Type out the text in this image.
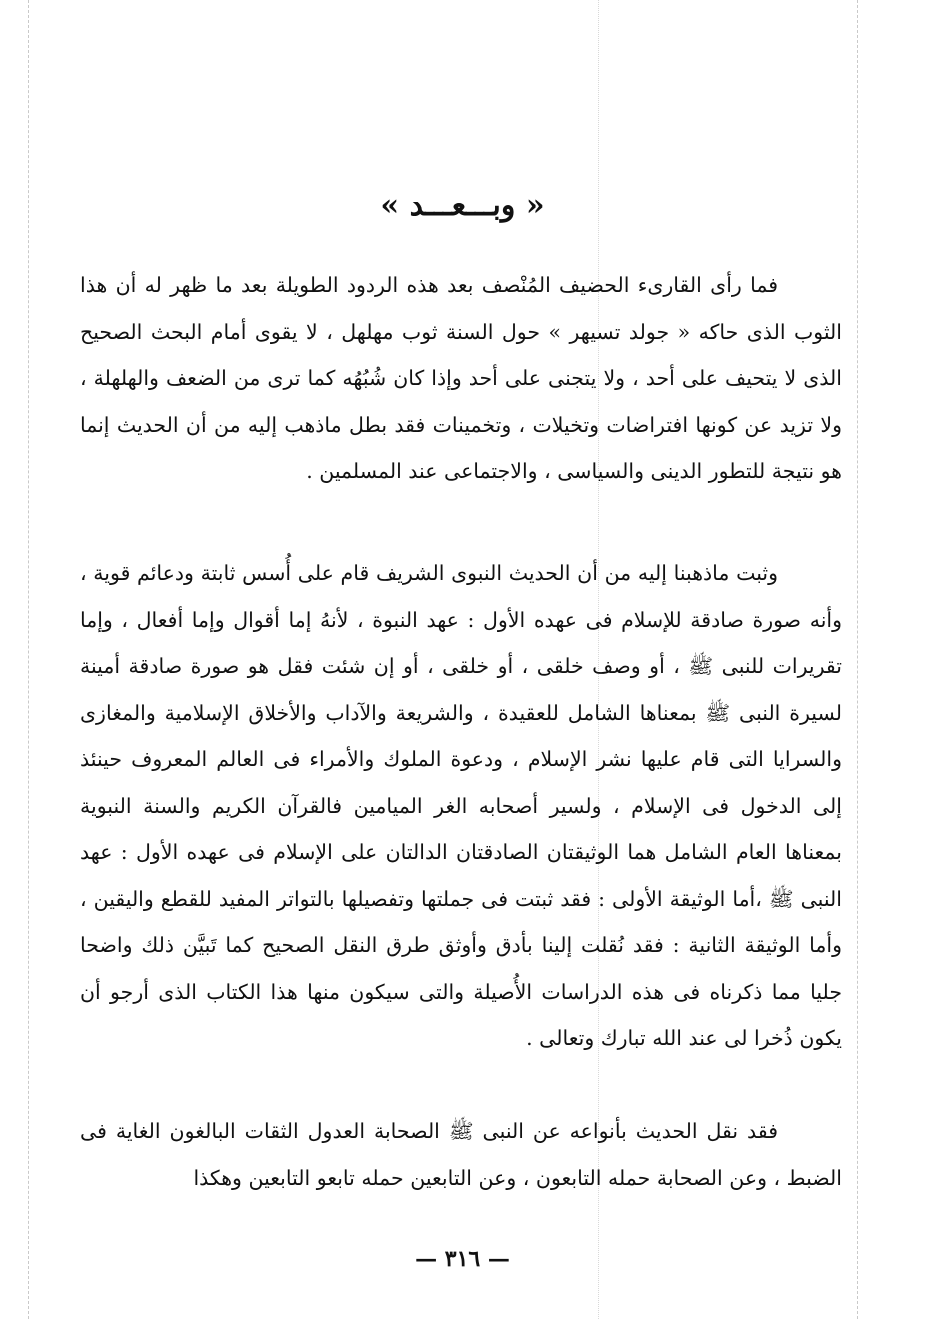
« وبـــعـــد »

فما رأى القارىء الحضيف المُنْصف بعد هذه الردود الطويلة بعد ما ظهر له أن هذا الثوب الذى حاكه « جولد تسيهر » حول السنة ثوب مهلهل ، لا يقوى أمام البحث الصحيح الذى لا يتحيف على أحد ، ولا يتجنى على أحد وإذا كان شُبُهُه كما ترى من الضعف والهلهلة ، ولا تزيد عن كونها افتراضات وتخيلات ، وتخمينات فقد بطل ماذهب إليه من أن الحديث إنما هو نتيجة للتطور الدينى والسياسى ، والاجتماعى عند المسلمين .

وثبت ماذهبنا إليه من أن الحديث النبوى الشريف قام على أُسس ثابتة ودعائم قوية ، وأنه صورة صادقة للإسلام فى عهده الأول : عهد النبوة ، لأنهُ إما أقوال وإما أفعال ، وإما تقريرات للنبى ﷺ ، أو وصف خلقى ، أو خلقى ، أو إن شئت فقل هو صورة صادقة أمينة لسيرة النبى ﷺ بمعناها الشامل للعقيدة ، والشريعة والآداب والأخلاق الإسلامية والمغازى والسرايا التى قام عليها نشر الإسلام ، ودعوة الملوك والأمراء فى العالم المعروف حينئذ إلى الدخول فى الإسلام ، ولسير أصحابه الغر الميامين فالقرآن الكريم والسنة النبوية بمعناها العام الشامل هما الوثيقتان الصادقتان الدالتان على الإسلام فى عهده الأول : عهد النبى ﷺ ،أما الوثيقة الأولى : فقد ثبتت فى جملتها وتفصيلها بالتواتر المفيد للقطع واليقين ، وأما الوثيقة الثانية : فقد نُقلت إلينا بأدق وأوثق طرق النقل الصحيح كما تَبيَّن ذلك واضحا جليا مما ذكرناه فى هذه الدراسات الأُصيلة والتى سيكون منها هذا الكتاب الذى أرجو أن يكون ذُخرا لى عند الله تبارك وتعالى .

فقد نقل الحديث بأنواعه عن النبى ﷺ الصحابة العدول الثقات البالغون الغاية فى الضبط ، وعن الصحابة حمله التابعون ، وعن التابعين حمله تابعو التابعين وهكذا

— ٣١٦ —
